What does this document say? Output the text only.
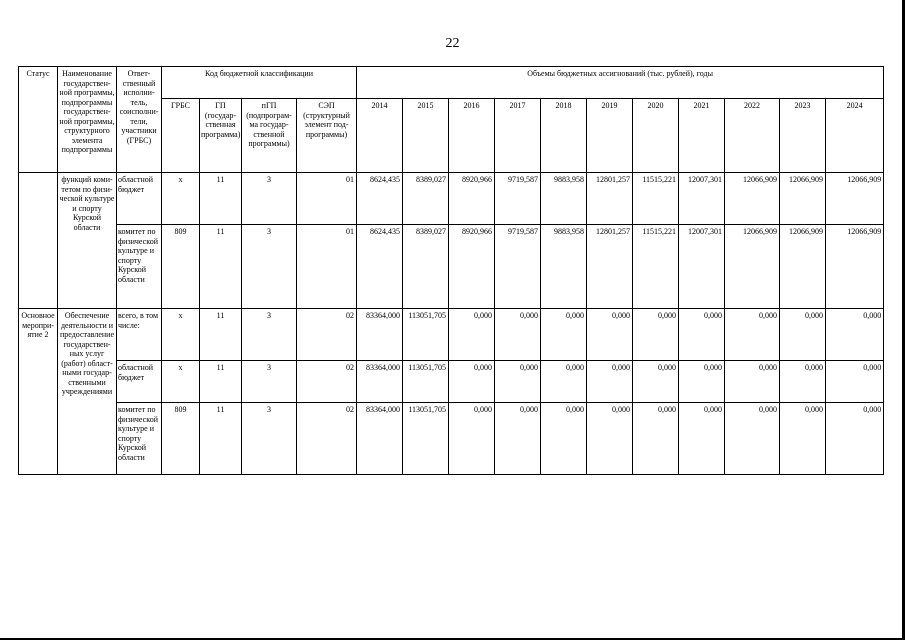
22
Статус	Наименование государствен-ной программы, подпрограммы государствен-ной программы, структурного элемента подпрограммы	Ответ-ственный исполни-тель, соисполни-тели, участники (ГРБС)	Код бюджетной классификации				Объемы бюджетных ассигнований (тыс. рублей), годы										
			ГРБС	ГП (государ-ственная программа)	пГП (подпрограм-ма государ-ственной программы)	СЭП (структурный элемент под-программы)	2014	2015	2016	2017	2018	2019	2020	2021	2022	2023	2024
	функций коми-тетом по физи-ческой культуре и спорту Курской области	областной бюджет	х	11	3	01	8624,435	8389,027	8920,966	9719,587	9883,958	12801,257	11515,221	12007,301	12066,909	12066,909	12066,909
		комитет по физической культуре и спорту Курской области	809	11	3	01	8624,435	8389,027	8920,966	9719,587	9883,958	12801,257	11515,221	12007,301	12066,909	12066,909	12066,909
Основное меропри-ятие 2	Обеспечение деятельности и предоставление государствен-ных услуг (работ) област-ными государ-ственными учреждениями	всего, в том числе:	х	11	3	02	83364,000	113051,705	0,000	0,000	0,000	0,000	0,000	0,000	0,000	0,000	0,000
		областной бюджет	х	11	3	02	83364,000	113051,705	0,000	0,000	0,000	0,000	0,000	0,000	0,000	0,000	0,000
		комитет по физической культуре и спорту Курской области	809	11	3	02	83364,000	113051,705	0,000	0,000	0,000	0,000	0,000	0,000	0,000	0,000	0,000
